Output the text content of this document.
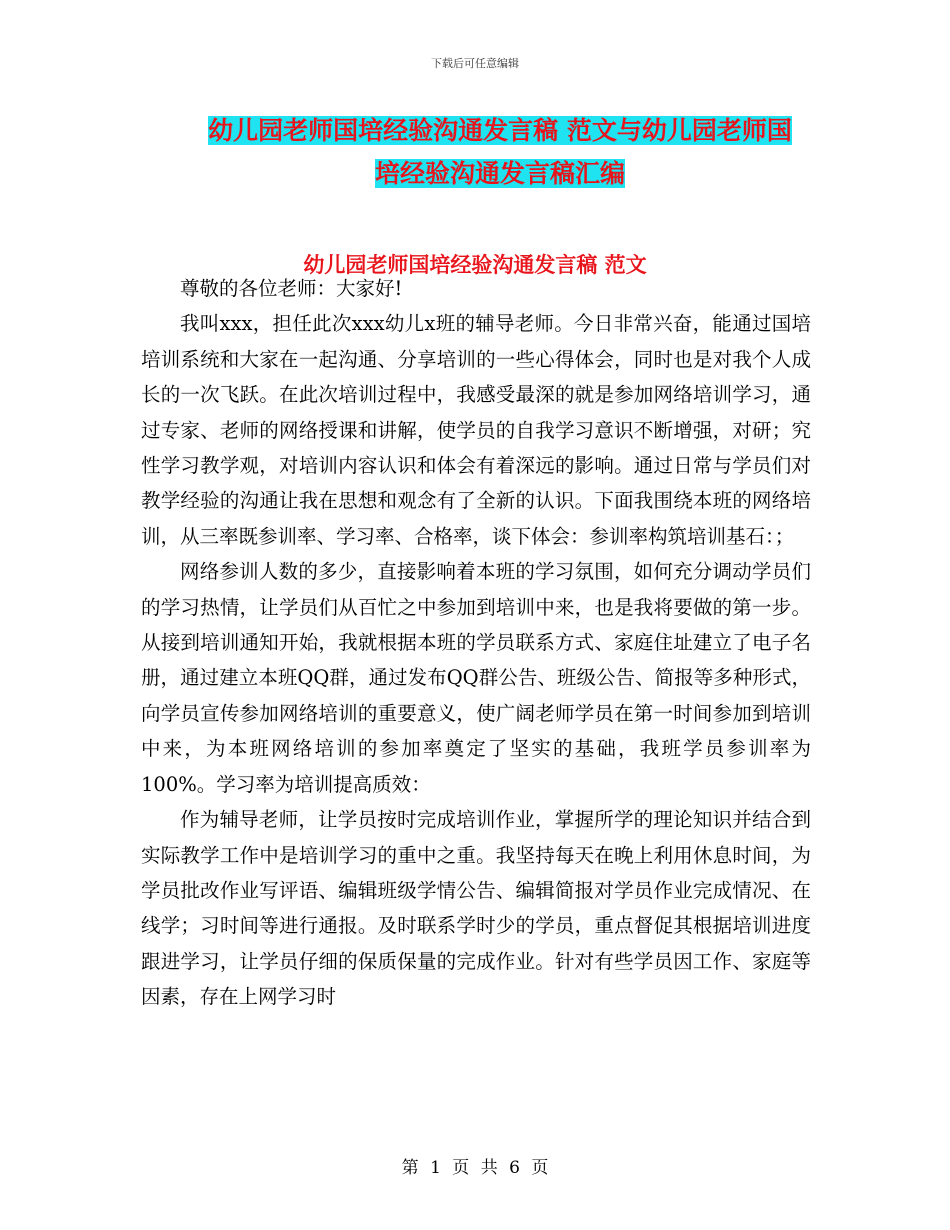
下载后可任意编辑
幼儿园老师国培经验沟通发言稿 范文与幼儿园老师国
培经验沟通发言稿汇编
幼儿园老师国培经验沟通发言稿 范文

尊敬的各位老师：大家好!

我叫xxx，担任此次xxx幼儿x班的辅导老师。今日非常兴奋，能通过国培培训系统和大家在一起沟通、分享培训的一些心得体会，同时也是对我个人成长的一次飞跃。在此次培训过程中，我感受最深的就是参加网络培训学习，通过专家、老师的网络授课和讲解，使学员的自我学习意识不断增强，对研；究性学习教学观，对培训内容认识和体会有着深远的影响。通过日常与学员们对教学经验的沟通让我在思想和观念有了全新的认识。下面我围绕本班的网络培训，从三率既参训率、学习率、合格率，谈下体会：参训率构筑培训基石：；

网络参训人数的多少，直接影响着本班的学习氛围，如何充分调动学员们的学习热情，让学员们从百忙之中参加到培训中来，也是我将要做的第一步。从接到培训通知开始，我就根据本班的学员联系方式、家庭住址建立了电子名册，通过建立本班QQ群，通过发布QQ群公告、班级公告、简报等多种形式，向学员宣传参加网络培训的重要意义，使广阔老师学员在第一时间参加到培训中来，为本班网络培训的参加率奠定了坚实的基础，我班学员参训率为100%。学习率为培训提高质效：

作为辅导老师，让学员按时完成培训作业，掌握所学的理论知识并结合到实际教学工作中是培训学习的重中之重。我坚持每天在晚上利用休息时间，为学员批改作业写评语、编辑班级学情公告、编辑简报对学员作业完成情况、在线学；习时间等进行通报。及时联系学时少的学员，重点督促其根据培训进度跟进学习，让学员仔细的保质保量的完成作业。针对有些学员因工作、家庭等因素，存在上网学习时

第 1 页 共 6 页
